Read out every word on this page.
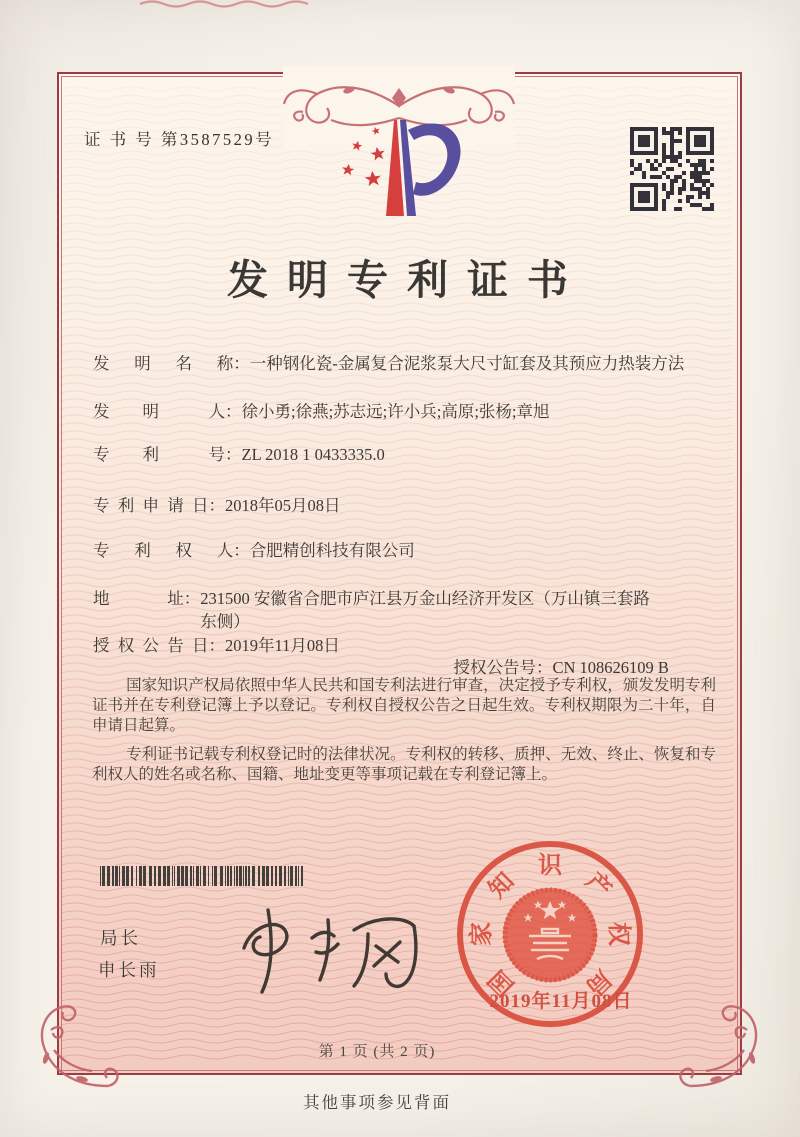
证 书 号 第3587529号
发明专利证书
发　 明　 名　 称： 一种钢化瓷-金属复合泥浆泵大尺寸缸套及其预应力热装方法
发　  明　　  人： 徐小勇;徐燕;苏志远;许小兵;高原;张杨;章旭
专　  利　　  号： ZL 2018 1 0433335.0
专 利 申 请 日： 2018年05月08日
专　 利　 权　 人： 合肥精创科技有限公司
地　　　 址： 231500 安徽省合肥市庐江县万金山经济开发区（万山镇三套路东侧）
授 权 公 告 日： 2019年11月08日

授权公告号：CN 108626109 B

国家知识产权局依照中华人民共和国专利法进行审查，决定授予专利权，颁发发明专利证书并在专利登记簿上予以登记。专利权自授权公告之日起生效。专利权期限为二十年，自申请日起算。

专利证书记载专利权登记时的法律状况。专利权的转移、质押、无效、终止、恢复和专利权人的姓名或名称、国籍、地址变更等事项记载在专利登记簿上。

局长
申长雨	国
家
知
识
产
权
局
2019年11月08日
第 1 页 (共 2 页)
其他事项参见背面
